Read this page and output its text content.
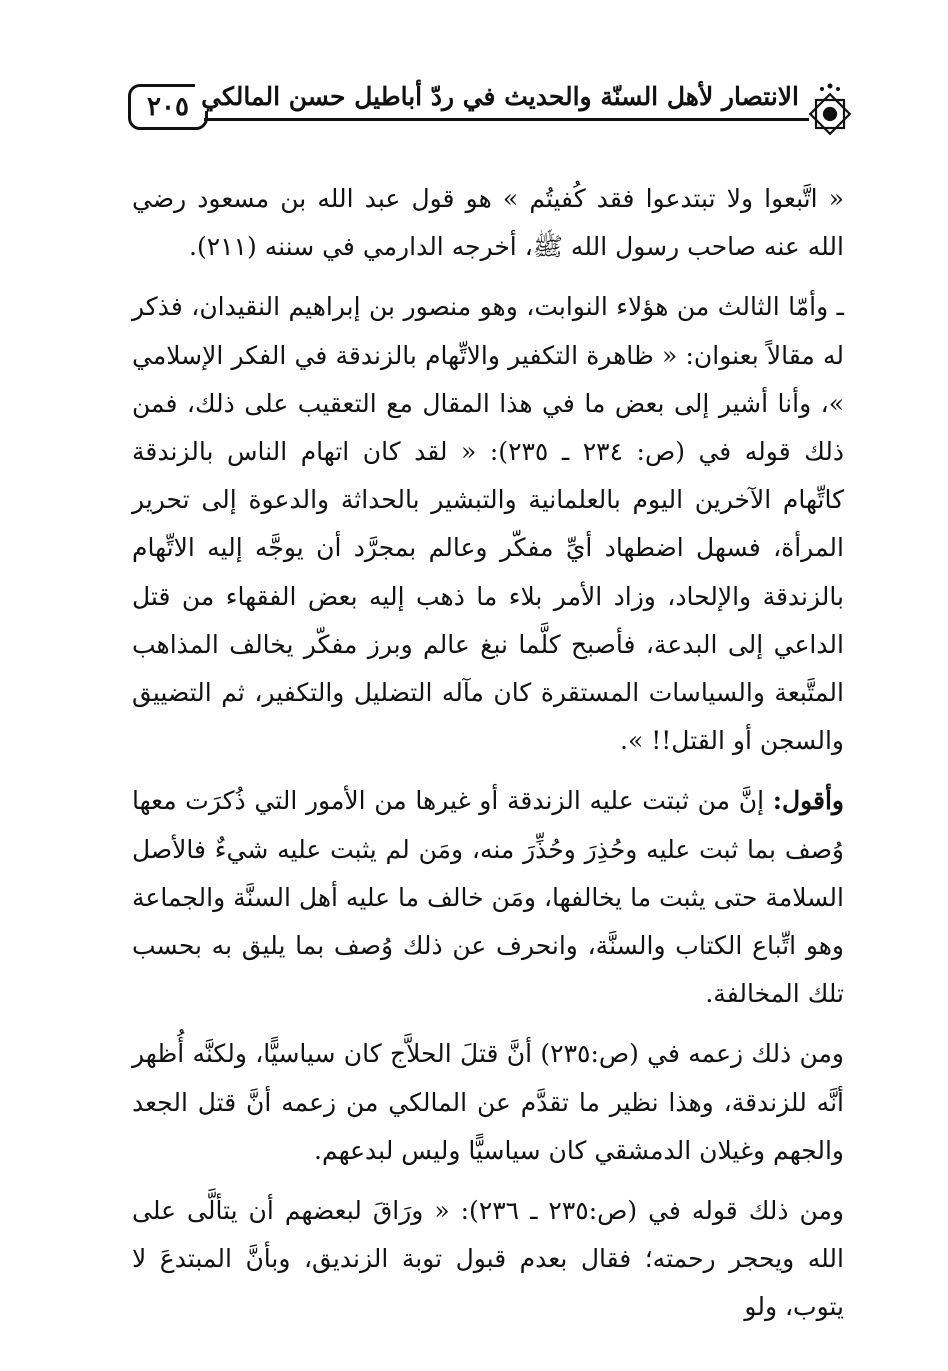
٢٠٥ الانتصار لأهل السنّة والحديث في ردّ أباطيل حسن المالكي

« اتَّبعوا ولا تبتدعوا فقد كُفيتُم » هو قول عبد الله بن مسعود رضي الله عنه صاحب رسول الله ﷺ، أخرجه الدارمي في سننه (٢١١).

ـ وأمّا الثالث من هؤلاء النوابت، وهو منصور بن إبراهيم النقيدان، فذكر له مقالاً بعنوان: « ظاهرة التكفير والاتِّهام بالزندقة في الفكر الإسلامي »، وأنا أشير إلى بعض ما في هذا المقال مع التعقيب على ذلك، فمن ذلك قوله في (ص: ٢٣٤ ـ ٢٣٥): « لقد كان اتهام الناس بالزندقة كاتِّهام الآخرين اليوم بالعلمانية والتبشير بالحداثة والدعوة إلى تحرير المرأة، فسهل اضطهاد أيِّ مفكّر وعالم بمجرَّد أن يوجَّه إليه الاتِّهام بالزندقة والإلحاد، وزاد الأمر بلاء ما ذهب إليه بعض الفقهاء من قتل الداعي إلى البدعة، فأصبح كلَّما نبغ عالم وبرز مفكّر يخالف المذاهب المتَّبعة والسياسات المستقرة كان مآله التضليل والتكفير، ثم التضييق والسجن أو القتل!! ».

وأقول: إنَّ من ثبتت عليه الزندقة أو غيرها من الأمور التي ذُكرَت معها وُصف بما ثبت عليه وحُذِرَ وحُذِّرَ منه، ومَن لم يثبت عليه شيءٌ فالأصل السلامة حتى يثبت ما يخالفها، ومَن خالف ما عليه أهل السنَّة والجماعة وهو اتِّباع الكتاب والسنَّة، وانحرف عن ذلك وُصف بما يليق به بحسب تلك المخالفة.

ومن ذلك زعمه في (ص:٢٣٥) أنَّ قتلَ الحلاَّج كان سياسيًّا، ولكنَّه أُظهر أنَّه للزندقة، وهذا نظير ما تقدَّم عن المالكي من زعمه أنَّ قتل الجعد والجهم وغيلان الدمشقي كان سياسيًّا وليس لبدعهم.

ومن ذلك قوله في (ص:٢٣٥ ـ ٢٣٦): « ورَاقَ لبعضهم أن يتألَّى على الله ويحجر رحمته؛ فقال بعدم قبول توبة الزنديق، وبأنَّ المبتدعَ لا يتوب، ولو
